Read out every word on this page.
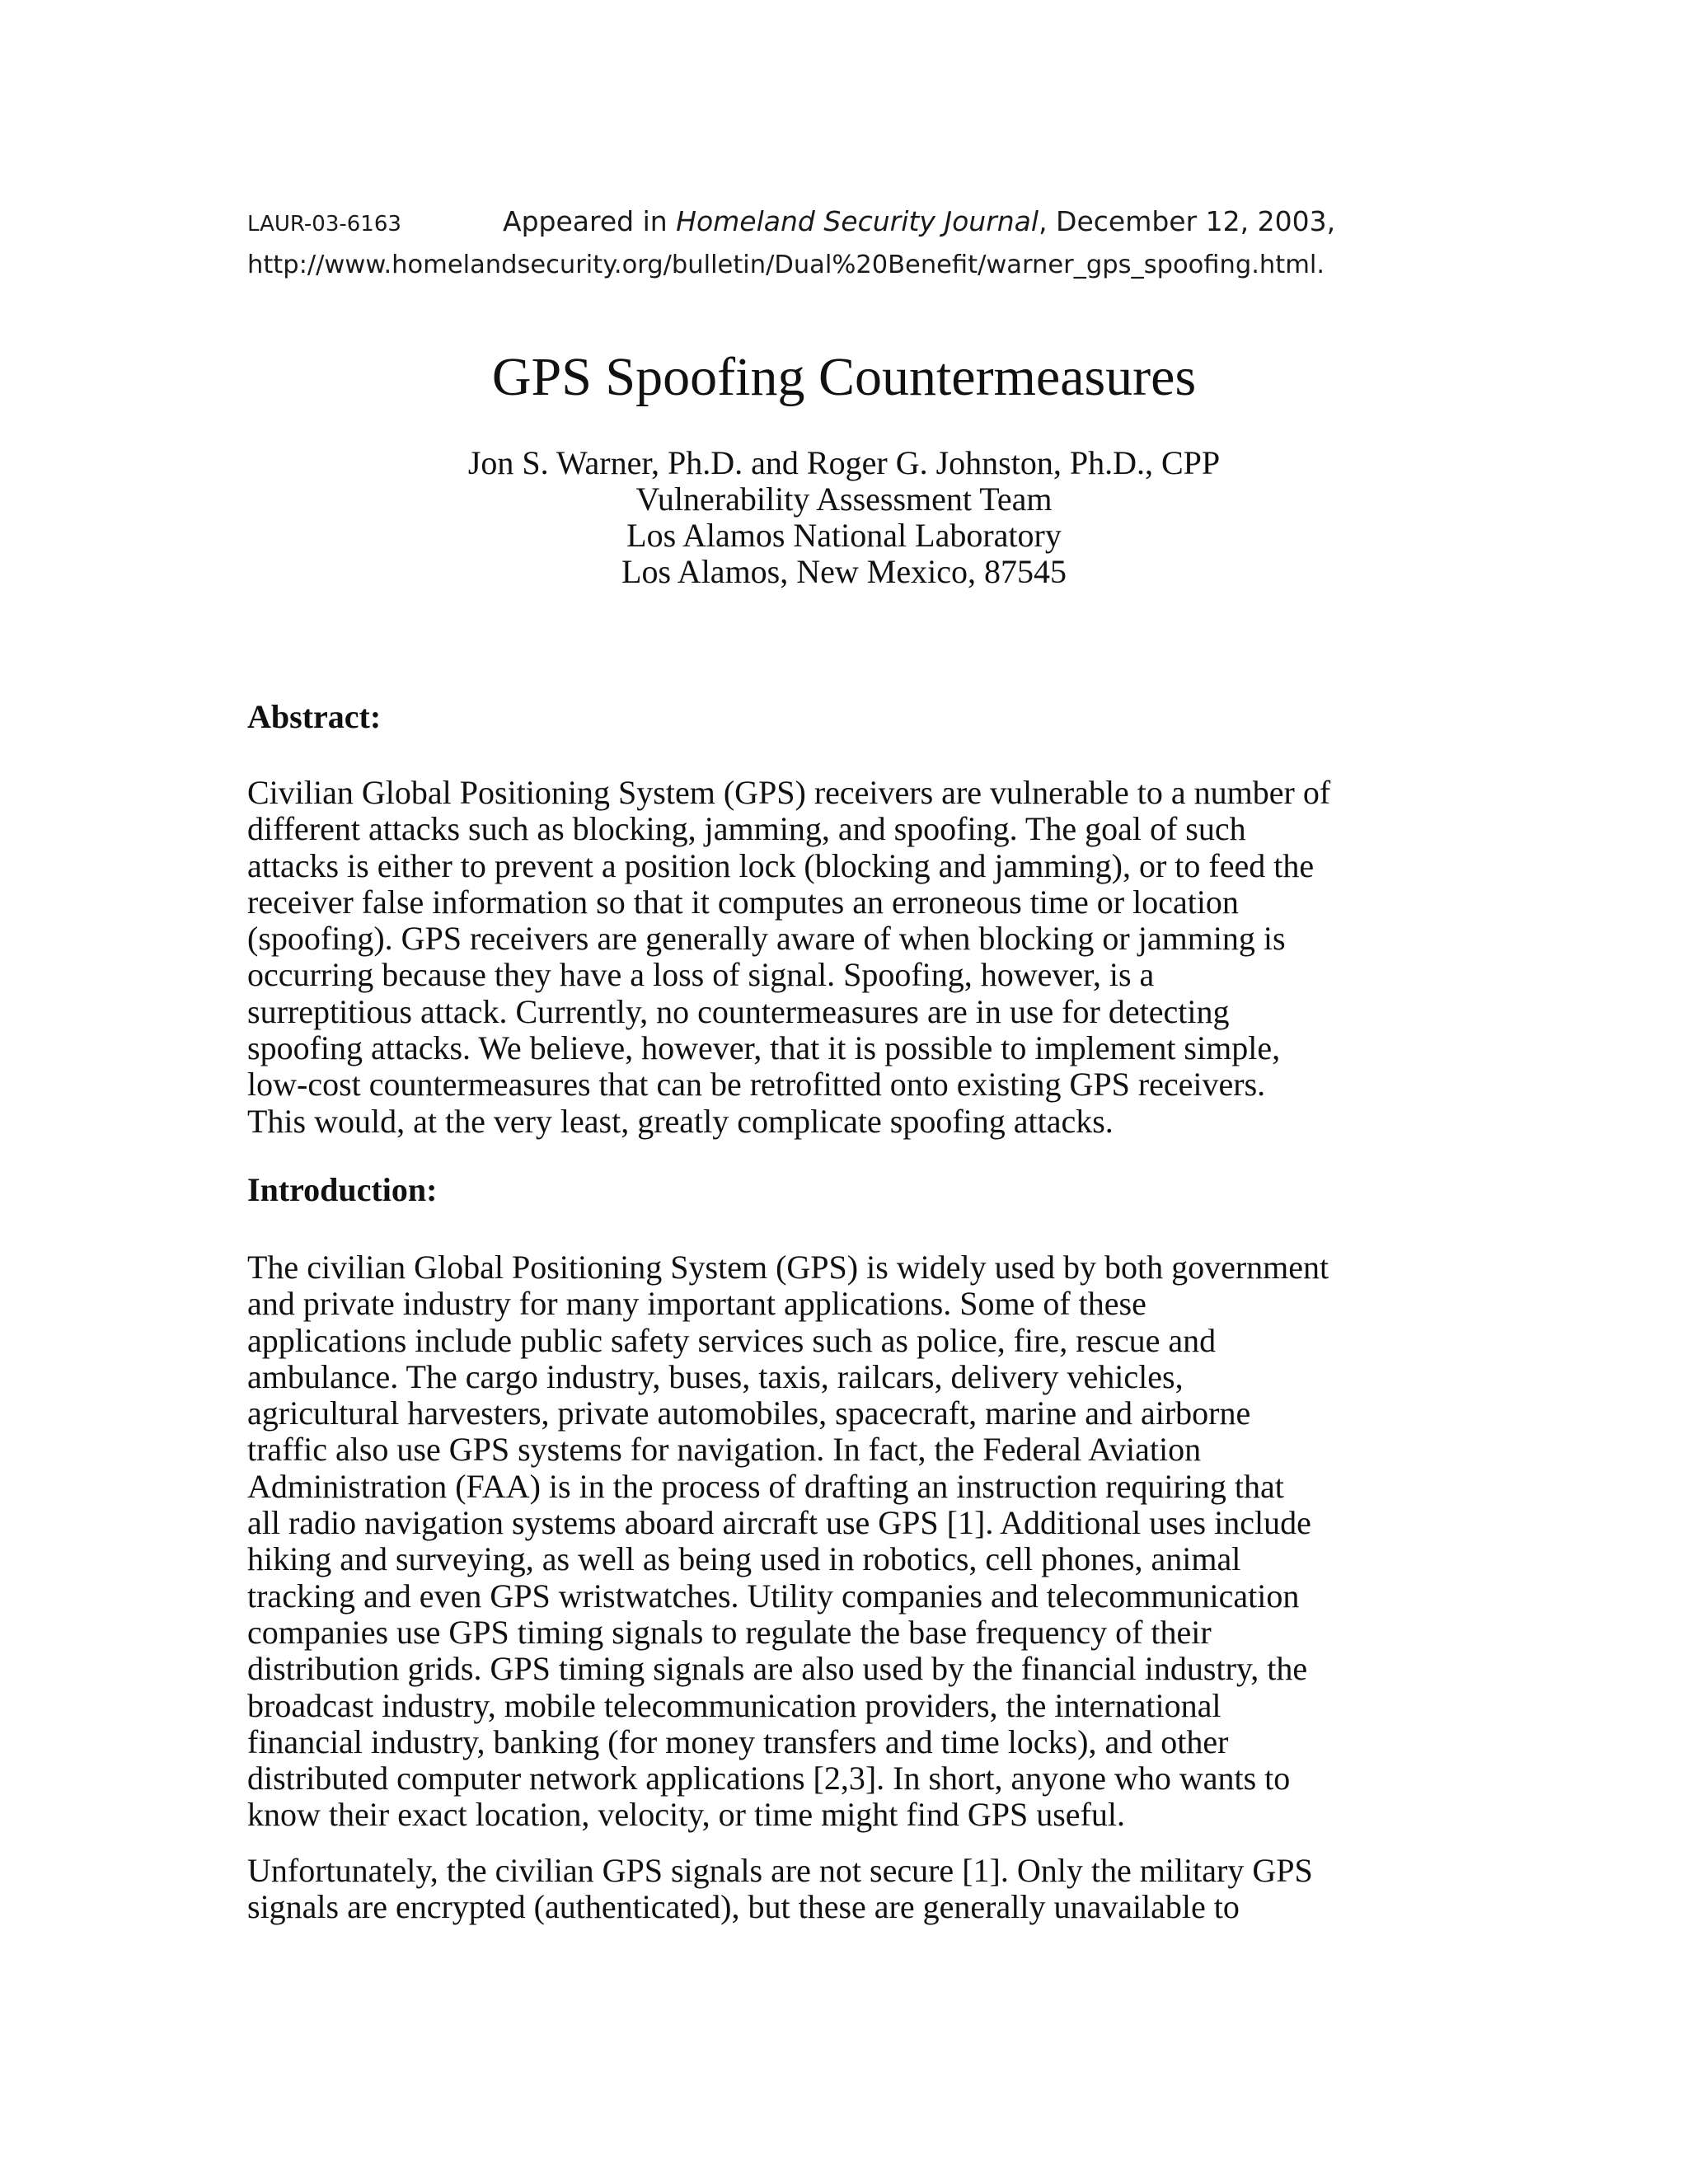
LAUR-03-6163	Appeared in Homeland Security Journal, December 12, 2003,
http://www.homelandsecurity.org/bulletin/Dual%20Benefit/warner_gps_spoofing.html.
GPS Spoofing Countermeasures
Jon S. Warner, Ph.D. and Roger G. Johnston, Ph.D., CPP
Vulnerability Assessment Team
Los Alamos National Laboratory
Los Alamos, New Mexico, 87545
Abstract:

Civilian Global Positioning System (GPS) receivers are vulnerable to a number of
different attacks such as blocking, jamming, and spoofing. The goal of such
attacks is either to prevent a position lock (blocking and jamming), or to feed the
receiver false information so that it computes an erroneous time or location
(spoofing). GPS receivers are generally aware of when blocking or jamming is
occurring because they have a loss of signal. Spoofing, however, is a
surreptitious attack. Currently, no countermeasures are in use for detecting
spoofing attacks. We believe, however, that it is possible to implement simple,
low-cost countermeasures that can be retrofitted onto existing GPS receivers.
This would, at the very least, greatly complicate spoofing attacks.

Introduction:

The civilian Global Positioning System (GPS) is widely used by both government
and private industry for many important applications. Some of these
applications include public safety services such as police, fire, rescue and
ambulance. The cargo industry, buses, taxis, railcars, delivery vehicles,
agricultural harvesters, private automobiles, spacecraft, marine and airborne
traffic also use GPS systems for navigation. In fact, the Federal Aviation
Administration (FAA) is in the process of drafting an instruction requiring that
all radio navigation systems aboard aircraft use GPS [1]. Additional uses include
hiking and surveying, as well as being used in robotics, cell phones, animal
tracking and even GPS wristwatches. Utility companies and telecommunication
companies use GPS timing signals to regulate the base frequency of their
distribution grids. GPS timing signals are also used by the financial industry, the
broadcast industry, mobile telecommunication providers, the international
financial industry, banking (for money transfers and time locks), and other
distributed computer network applications [2,3]. In short, anyone who wants to
know their exact location, velocity, or time might find GPS useful.

Unfortunately, the civilian GPS signals are not secure [1]. Only the military GPS
signals are encrypted (authenticated), but these are generally unavailable to
